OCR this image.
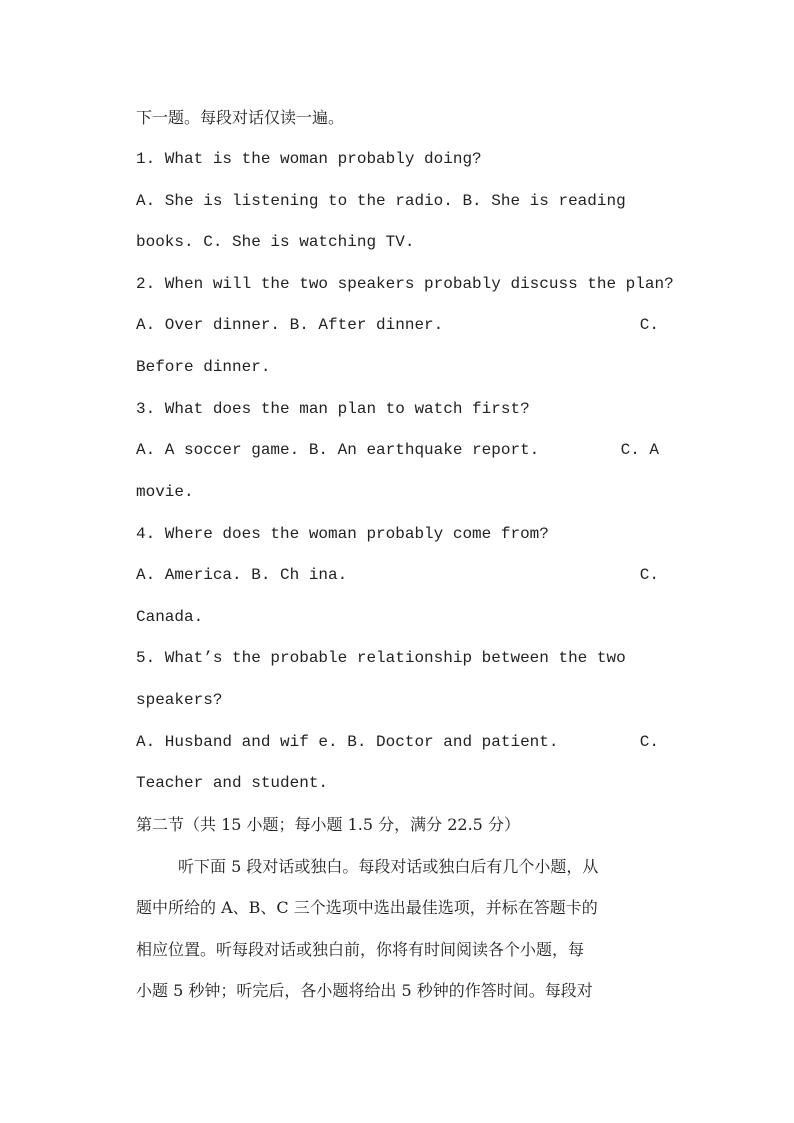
下一题。每段对话仅读一遍。
1. What is the woman probably doing?
A. She is listening to the radio. B. She is reading
books. C. She is watching TV.
2. When will the two speakers probably discuss the plan?
A. Over dinner. B. After dinner.	C.
Before dinner.
3. What does the man plan to watch first?
A. A soccer game. B. An earthquake report.	C. A
movie.
4. Where does the woman probably come from?
A. America. B. Ch ina.	C.
Canada.
5. What’s the probable relationship between the two
speakers?
A. Husband and wif e. B. Doctor and patient.	C.
Teacher and student.
第二节（共 15 小题；每小题 1.5 分，满分 22.5 分）
听下面 5 段对话或独白。每段对话或独白后有几个小题，从
题中所给的 A、B、C 三个选项中选出最佳选项，并标在答题卡的
相应位置。听每段对话或独白前，你将有时间阅读各个小题，每
小题 5 秒钟；听完后，各小题将给出 5 秒钟的作答时间。每段对
